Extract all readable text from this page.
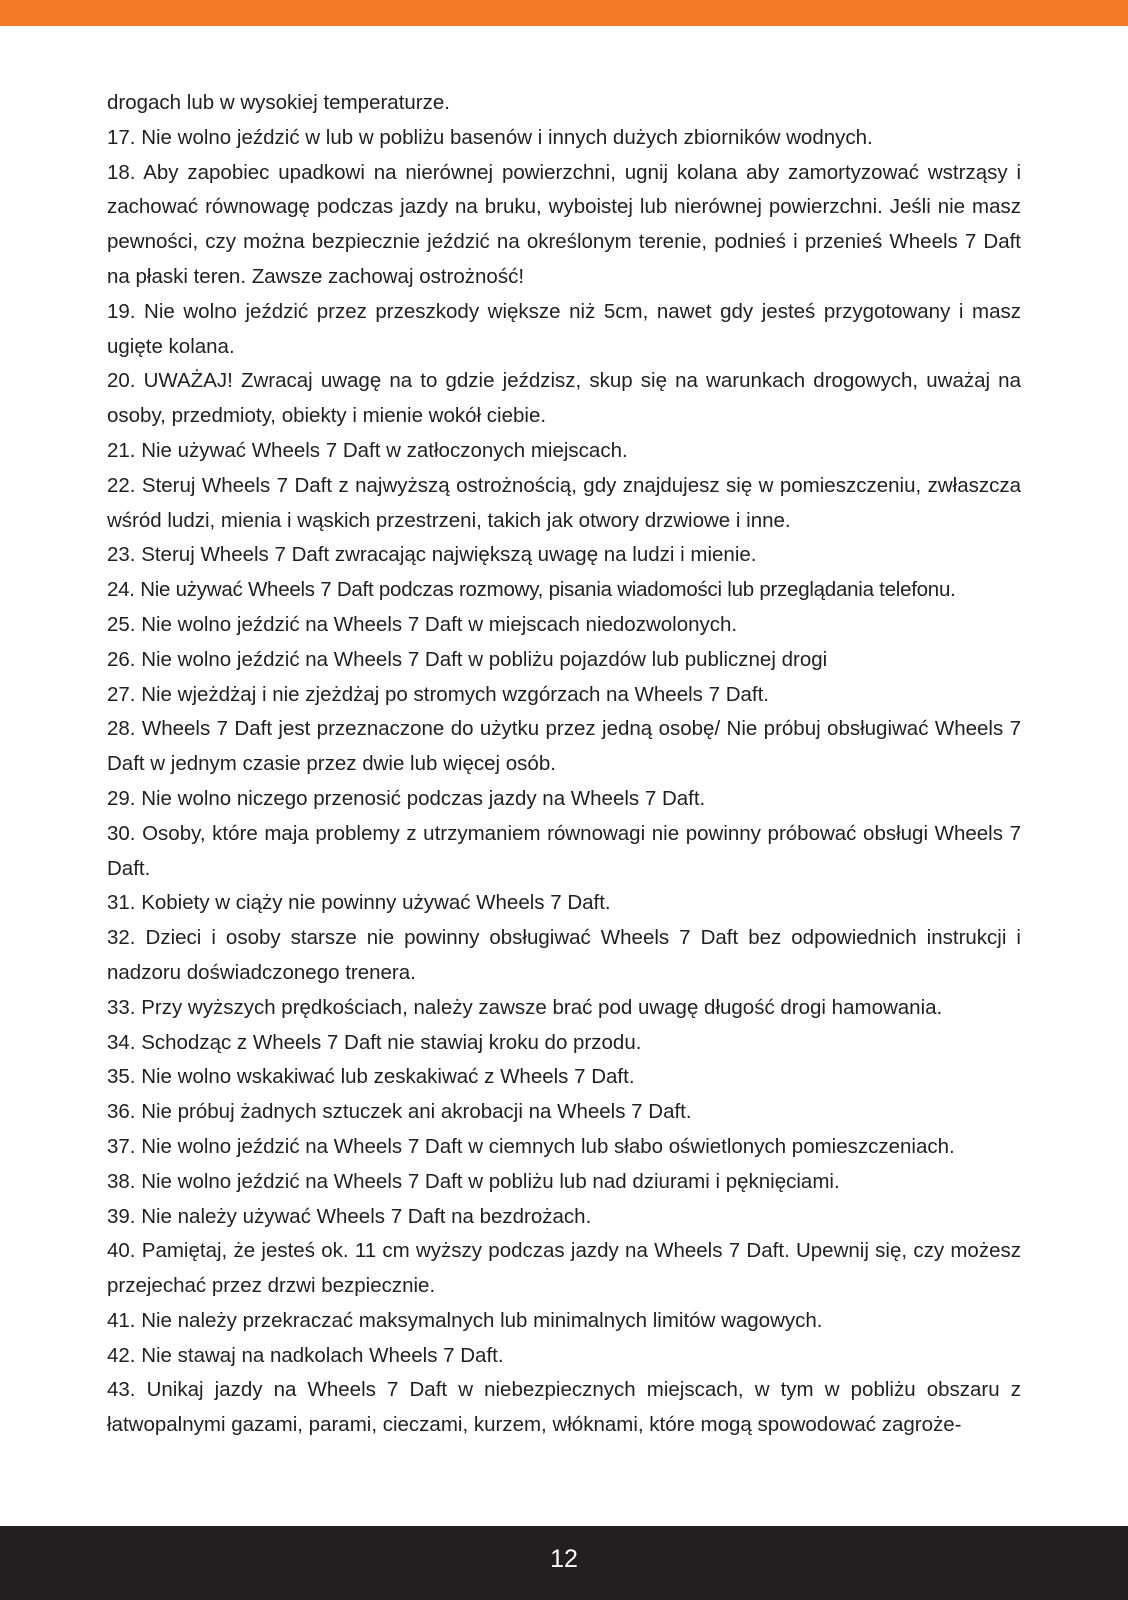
drogach lub w wysokiej temperaturze.

17. Nie wolno jeździć w lub w pobliżu basenów i innych dużych zbiorników wodnych.

18. Aby zapobiec upadkowi na nierównej powierzchni, ugnij kolana aby zamortyzować wstrząsy i zachować równowagę podczas jazdy na bruku, wyboistej lub nierównej powierzchni. Jeśli nie masz pewności, czy można bezpiecznie jeździć na określonym terenie, podnieś i przenieś Wheels 7 Daft na płaski teren. Zawsze zachowaj ostrożność!

19. Nie wolno jeździć przez przeszkody większe niż 5cm, nawet gdy jesteś przygotowany i masz ugięte kolana.

20. UWAŻAJ! Zwracaj uwagę na to gdzie jeździsz, skup się na warunkach drogowych, uważaj na osoby, przedmioty, obiekty i mienie wokół ciebie.

21. Nie używać Wheels 7 Daft w zatłoczonych miejscach.

22. Steruj Wheels 7 Daft z najwyższą ostrożnością, gdy znajdujesz się w pomieszczeniu, zwłaszcza wśród ludzi, mienia i wąskich przestrzeni, takich jak otwory drzwiowe i inne.

23. Steruj Wheels 7 Daft zwracając największą uwagę na ludzi i mienie.

24. Nie używać Wheels 7 Daft podczas rozmowy, pisania wiadomości lub przeglądania telefonu.

25. Nie wolno jeździć na Wheels 7 Daft w miejscach niedozwolonych.

26. Nie wolno jeździć na Wheels 7 Daft w pobliżu pojazdów lub publicznej drogi

27. Nie wjeżdżaj i nie zjeżdżaj po stromych wzgórzach na Wheels 7 Daft.

28. Wheels 7 Daft jest przeznaczone do użytku przez jedną osobę/ Nie próbuj obsługiwać Wheels 7 Daft w jednym czasie przez dwie lub więcej osób.

29. Nie wolno niczego przenosić podczas jazdy na Wheels 7 Daft.

30. Osoby, które maja problemy z utrzymaniem równowagi nie powinny próbować obsługi Wheels 7 Daft.

31. Kobiety w ciąży nie powinny używać Wheels 7 Daft.

32. Dzieci i osoby starsze nie powinny obsługiwać Wheels 7 Daft bez odpowiednich instrukcji i nadzoru doświadczonego trenera.

33. Przy wyższych prędkościach, należy zawsze brać pod uwagę długość drogi hamowania.

34. Schodząc z Wheels 7 Daft nie stawiaj kroku do przodu.

35. Nie wolno wskakiwać lub zeskakiwać z Wheels 7 Daft.

36. Nie próbuj żadnych sztuczek ani akrobacji na Wheels 7 Daft.

37. Nie wolno jeździć na Wheels 7 Daft w ciemnych lub słabo oświetlonych pomieszczeniach.

38. Nie wolno jeździć na Wheels 7 Daft w pobliżu lub nad dziurami i pęknięciami.

39. Nie należy używać Wheels 7 Daft na bezdrożach.

40. Pamiętaj, że jesteś ok. 11 cm wyższy podczas jazdy na Wheels 7 Daft. Upewnij się, czy możesz przejechać przez drzwi bezpiecznie.

41. Nie należy przekraczać maksymalnych lub minimalnych limitów wagowych.

42. Nie stawaj na nadkolach Wheels 7 Daft.

43. Unikaj jazdy na Wheels 7 Daft w niebezpiecznych miejscach, w tym w pobliżu obszaru z łatwopalnymi gazami, parami, cieczami, kurzem, włóknami, które mogą spowodować zagroże-

12
